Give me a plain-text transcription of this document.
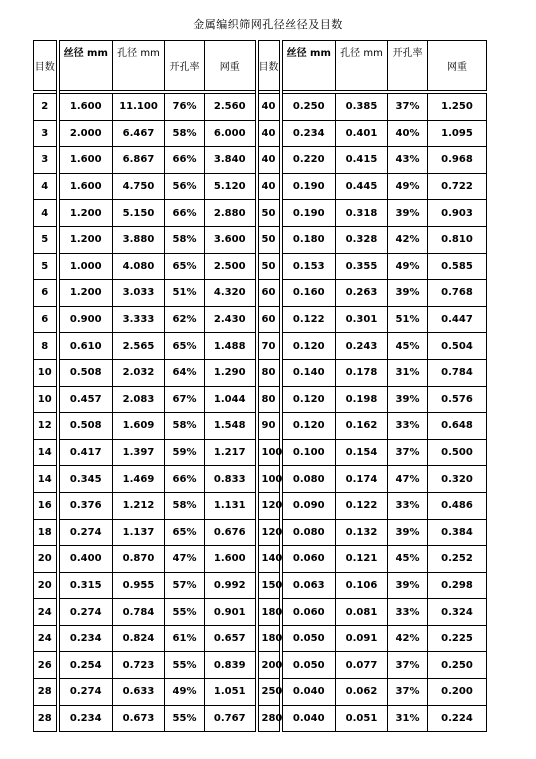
金属编织筛网孔径丝径及目数
目数	丝径 mm	孔径 mm	开孔率	网重	目数	丝径 mm	孔径 mm	开孔率	网重
2	1.600	11.100	76%	2.560	40	0.250	0.385	37%	1.250
3	2.000	6.467	58%	6.000	40	0.234	0.401	40%	1.095
3	1.600	6.867	66%	3.840	40	0.220	0.415	43%	0.968
4	1.600	4.750	56%	5.120	40	0.190	0.445	49%	0.722
4	1.200	5.150	66%	2.880	50	0.190	0.318	39%	0.903
5	1.200	3.880	58%	3.600	50	0.180	0.328	42%	0.810
5	1.000	4.080	65%	2.500	50	0.153	0.355	49%	0.585
6	1.200	3.033	51%	4.320	60	0.160	0.263	39%	0.768
6	0.900	3.333	62%	2.430	60	0.122	0.301	51%	0.447
8	0.610	2.565	65%	1.488	70	0.120	0.243	45%	0.504
10	0.508	2.032	64%	1.290	80	0.140	0.178	31%	0.784
10	0.457	2.083	67%	1.044	80	0.120	0.198	39%	0.576
12	0.508	1.609	58%	1.548	90	0.120	0.162	33%	0.648
14	0.417	1.397	59%	1.217	100	0.100	0.154	37%	0.500
14	0.345	1.469	66%	0.833	100	0.080	0.174	47%	0.320
16	0.376	1.212	58%	1.131	120	0.090	0.122	33%	0.486
18	0.274	1.137	65%	0.676	120	0.080	0.132	39%	0.384
20	0.400	0.870	47%	1.600	140	0.060	0.121	45%	0.252
20	0.315	0.955	57%	0.992	150	0.063	0.106	39%	0.298
24	0.274	0.784	55%	0.901	180	0.060	0.081	33%	0.324
24	0.234	0.824	61%	0.657	180	0.050	0.091	42%	0.225
26	0.254	0.723	55%	0.839	200	0.050	0.077	37%	0.250
28	0.274	0.633	49%	1.051	250	0.040	0.062	37%	0.200
28	0.234	0.673	55%	0.767	280	0.040	0.051	31%	0.224
